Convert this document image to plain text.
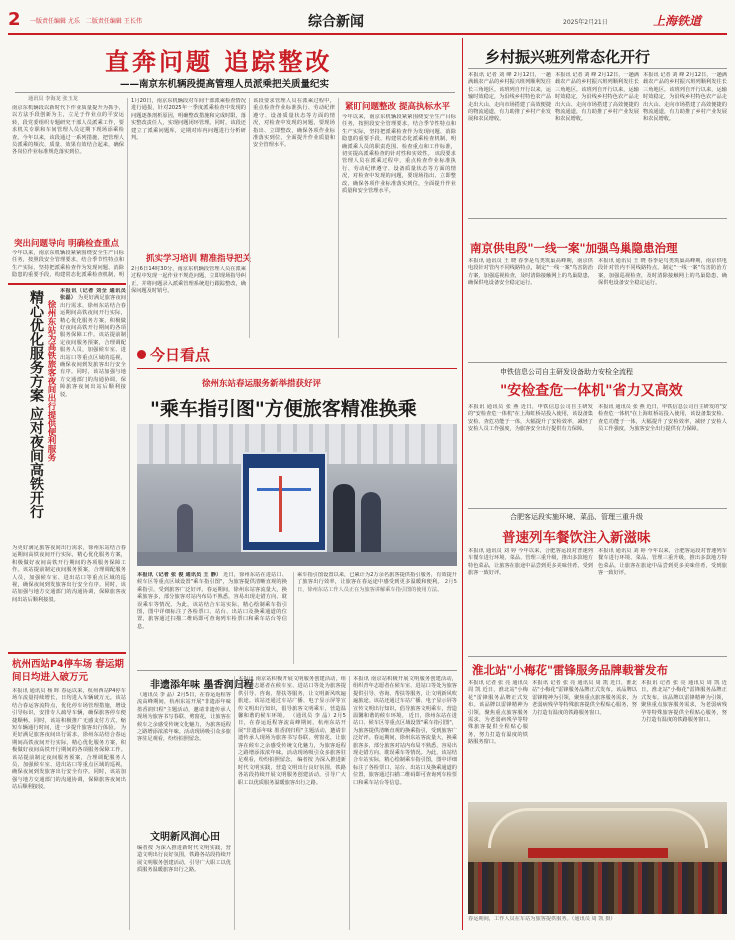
2 一版责任编辑 尤乐　二版责任编辑 王长伟	综合新闻	2025年2月21日	上海铁道
直奔问题 追踪整改
——南京东机辆段提高管理人员派乘把关质量纪实
通讯员 李海龙 张玉龙
南京东机辆段以新时代下作业质量提升为抓手，以方法手段创新为主，立足于作业点的平安运转，段党委组织专题研究干部人员派乘工作，要求机关专职和车间管理人员定期下现场添乘检查。今年以来，该段通过一系列措施，把管理人员派乘的频次、质量、效果有效结合起来，确保各岗位作业标准规范落实到位。
突出问题导向 明确检查重点
今年以来，南京东机辆段紧紧围绕安全生产目标任务，按照段安全管理要求，结合季节性特点和生产实际，坚持把派乘检查作为发现问题、消除隐患的重要手段，构建常态化派乘检查机制，明
1月20日，南京东机辆段对车间干部派乘检查情况进行通报，针对2025年一季度派乘检查中发现的问题逐条剖析原因，明确整改措施和完成时限，落实整改责任人，实现问题闭环管理。同时，该段还建立了派乘问题库，定期对库内问题进行分析研判。
抓实学习培训 精准指导把关
2月6日14时30分，南京东机辆段管理人员在派乘过程中发现一起作业不规范问题，立即现场指导纠正，并将问题录入派乘管理系统进行跟踪整改，确保问题及时销号。
该段要求管理人员在派乘过程中，重点检查作业标准执行、劳动纪律遵守、设备质量状态等方面的情况，对检查中发现的问题，要现场指出、立即整改，确保各项作业标准落实到位，全面提升作业质量和安全管理水平。
紧盯问题整改 提高执标水平
今年以来，南京东机辆段紧紧围绕安全生产目标任务，按照段安全管理要求，结合季节性特点和生产实际，坚持把派乘检查作为发现问题、消除隐患的重要手段，构建常态化派乘检查机制，明确派乘人员的职责范围、检查重点和工作标准，切实提高派乘检查的针对性和实效性。 该段要求管理人员在派乘过程中，重点检查作业标准执行、劳动纪律遵守、设备质量状态等方面的情况，对检查中发现的问题，要现场指出、立即整改，确保各项作业标准落实到位，全面提升作业质量和安全管理水平。
精心优化服务方案 应对夜间高铁开行 徐州东站为高铁旅客夜间出行提供便利服务
本报讯（记者 刘全 通讯员 张磊） 为更好满足旅客夜间出行需求，徐州东站结合春运期间高铁夜间开行实际，精心优化服务方案，积极做好夜间高铁开行期间的各项服务保障工作。该站提前制定夜间服务预案，合理调配服务人员，加强候车室、进出站口等重点区域的巡视，确保夜间到发旅客出行安全有序。同时，该站加强与地方交通部门的沟通协调，保障旅客夜间出站后顺利接驳。
为更好满足旅客夜间出行需求，徐州东站结合春运期间高铁夜间开行实际，精心优化服务方案，积极做好夜间高铁开行期间的各项服务保障工作。该站提前制定夜间服务预案，合理调配服务人员，加强候车室、进出站口等重点区域的巡视，确保夜间到发旅客出行安全有序。同时，该站加强与地方交通部门的沟通协调，保障旅客夜间出站后顺利接驳。
杭州西站P4停车场 春运期间日均进入破万元
本报讯 通讯员 杨 晖 春运以来，杭州西站P4停车场车流量持续增长，日均进入车辆破万元。该站结合春运客流特点，优化停车场管理措施，增设引导标识，安排专人疏导车辆，确保旅客停车便捷顺畅。同时，该站积极推广无感支付方式，缩短车辆通行时间，进一步提升旅客出行体验。 为更好满足旅客夜间出行需求，徐州东站结合春运期间高铁夜间开行实际，精心优化服务方案，积极做好夜间高铁开行期间的各项服务保障工作。该站提前制定夜间服务预案，合理调配服务人员，加强候车室、进出站口等重点区域的巡视，确保夜间到发旅客出行安全有序。同时，该站加强与地方交通部门的沟通协调，保障旅客夜间出站后顺利接驳。
今日看点
徐州东站春运服务新举措获好评
"乘车指引图"方便旅客精准换乘
本报讯（记者 张 俊 通讯员 王 静） 近日，徐州东站在进站口、候车区等重点区域设置"乘车指引图"，为旅客提供清晰直观的换乘指引，受到旅客广泛好评。春运期间，徐州东站客流量大，换乘旅客多，部分旅客对站内布局不熟悉，容易出现走错方向、耽误乘车等情况。为此，该站结合车站实际，精心绘制乘车指引图，图中详细标注了各检票口、站台、出站口及换乘通道的位置，旅客通过扫描二维码即可查询列车检票口和乘车站台等信息。
乘车指引图设置以来，已累计为2万余名旅客提供指引服务，有效提升了旅客出行效率，让旅客在春运途中感受到更多温暖和便利。 2月5日，徐州东站工作人员正在为旅客讲解乘车指引图的使用方法。
非遗添年味 墨香润归程
（通讯员 李 晶）2月5日，在春运返程客流高峰期间，杭州东站开展"非遗添年味 墨香润归程"主题活动，邀请非遗传承人现场为旅客书写春联、剪窗花，让旅客在候车之余感受传统文化魅力，为旅客返程之路增添浓浓年味。活动现场吸引众多旅客驻足观看，纷纷拍照留念。
文明新风润心田
编者按 为深入推进新时代文明实践，营造文明出行良好氛围，铁路各站段持续开展文明服务创建活动，引导广大职工以优质服务温暖旅客出行之路。
本报讯 南京站积极开展文明服务创建活动，组织青年志愿者在候车室、进站口等处为旅客提供引导、咨询、帮扶等服务，让文明新风吹遍旅途。该站还通过车站广播、电子显示屏等宣传文明出行知识，倡导旅客文明乘车，营造温馨和谐的候车环境。 （通讯员 李 晶）2月5日，在春运返程客流高峰期间，杭州东站开展"非遗添年味 墨香润归程"主题活动，邀请非遗传承人现场为旅客书写春联、剪窗花，让旅客在候车之余感受传统文化魅力，为旅客返程之路增添浓浓年味。活动现场吸引众多旅客驻足观看，纷纷拍照留念。 编者按 为深入推进新时代文明实践，营造文明出行良好氛围，铁路各站段持续开展文明服务创建活动，引导广大职工以优质服务温暖旅客出行之路。
本报讯 南京站积极开展文明服务创建活动，组织青年志愿者在候车室、进站口等处为旅客提供引导、咨询、帮扶等服务，让文明新风吹遍旅途。该站还通过车站广播、电子显示屏等宣传文明出行知识，倡导旅客文明乘车，营造温馨和谐的候车环境。 近日，徐州东站在进站口、候车区等重点区域设置"乘车指引图"，为旅客提供清晰直观的换乘指引，受到旅客广泛好评。春运期间，徐州东站客流量大，换乘旅客多，部分旅客对站内布局不熟悉，容易出现走错方向、耽误乘车等情况。为此，该站结合车站实际，精心绘制乘车指引图，图中详细标注了各检票口、站台、出站口及换乘通道的位置，旅客通过扫描二维码即可查询列车检票口和乘车站台等信息。
乡村振兴班列常态化开行
本报讯 记者 刘 峰 2月12日，一趟满载农产品的乡村振兴班列顺利发往长三角地区。该班列自开行以来，运输时效稳定，为沿线乡村特色农产品走出大山、走向市场搭建了高效便捷的物流通道，有力助推了乡村产业发展和农民增收。
本报讯 记者 刘 峰 2月12日，一趟满载农产品的乡村振兴班列顺利发往长三角地区。该班列自开行以来，运输时效稳定，为沿线乡村特色农产品走出大山、走向市场搭建了高效便捷的物流通道，有力助推了乡村产业发展和农民增收。
本报讯 记者 刘 峰 2月12日，一趟满载农产品的乡村振兴班列顺利发往长三角地区。该班列自开行以来，运输时效稳定，为沿线乡村特色农产品走出大山、走向市场搭建了高效便捷的物流通道，有力助推了乡村产业发展和农民增收。
南京供电段"一线一案"加强鸟巢隐患治理
本报讯 通讯员 王 晓 春季是鸟类筑巢高峰期，南京供电段针对管内不同线路特点，制定"一线一案"鸟害防治方案，加强巡视检查，及时清除接触网上的鸟巢隐患，确保供电设备安全稳定运行。
本报讯 通讯员 王 晓 春季是鸟类筑巢高峰期，南京供电段针对管内不同线路特点，制定"一线一案"鸟害防治方案，加强巡视检查，及时清除接触网上的鸟巢隐患，确保供电设备安全稳定运行。
申铁信息公司自主研发设备助力安检全流程
"安检查危一体机"省力又高效
本报讯 通讯员 张 燕 近日，申铁信息公司自主研发的"安检查危一体机"在上海虹桥站投入使用，该设备集安检、查危功能于一体，大幅提升了安检效率，减轻了安检人员工作强度，为旅客安全出行提供有力保障。
本报讯 通讯员 张 燕 近日，申铁信息公司自主研发的"安检查危一体机"在上海虹桥站投入使用，该设备集安检、查危功能于一体，大幅提升了安检效率，减轻了安检人员工作强度，为旅客安全出行提供有力保障。
合肥客运段实施环境、菜品、管理三重升级
普速列车餐饮注入新滋味
本报讯 通讯员 刘 婷 今年以来，合肥客运段对普速列车餐车进行环境、菜品、管理三重升级，推出多款地方特色菜品，让旅客在旅途中品尝到更多美味佳肴，受到旅客一致好评。
本报讯 通讯员 刘 婷 今年以来，合肥客运段对普速列车餐车进行环境、菜品、管理三重升级，推出多款地方特色菜品，让旅客在旅途中品尝到更多美味佳肴，受到旅客一致好评。
淮北站"小梅花"雷锋服务品牌载誉发布
本报讯 记者 张 亮 通讯员 周 凯 近日，淮北站"小梅花"雷锋服务品牌正式发布。该品牌以雷锋精神为引领，聚焦重点旅客服务需求，为老弱病残孕等特殊旅客提供全程贴心服务，努力打造有温度的铁路服务窗口。
本报讯 记者 张 亮 通讯员 周 凯 近日，淮北站"小梅花"雷锋服务品牌正式发布。该品牌以雷锋精神为引领，聚焦重点旅客服务需求，为老弱病残孕等特殊旅客提供全程贴心服务，努力打造有温度的铁路服务窗口。
本报讯 记者 张 亮 通讯员 周 凯 近日，淮北站"小梅花"雷锋服务品牌正式发布。该品牌以雷锋精神为引领，聚焦重点旅客服务需求，为老弱病残孕等特殊旅客提供全程贴心服务，努力打造有温度的铁路服务窗口。
春运期间，工作人员在车站为旅客提供服务。（通讯员 周 凯 摄）
